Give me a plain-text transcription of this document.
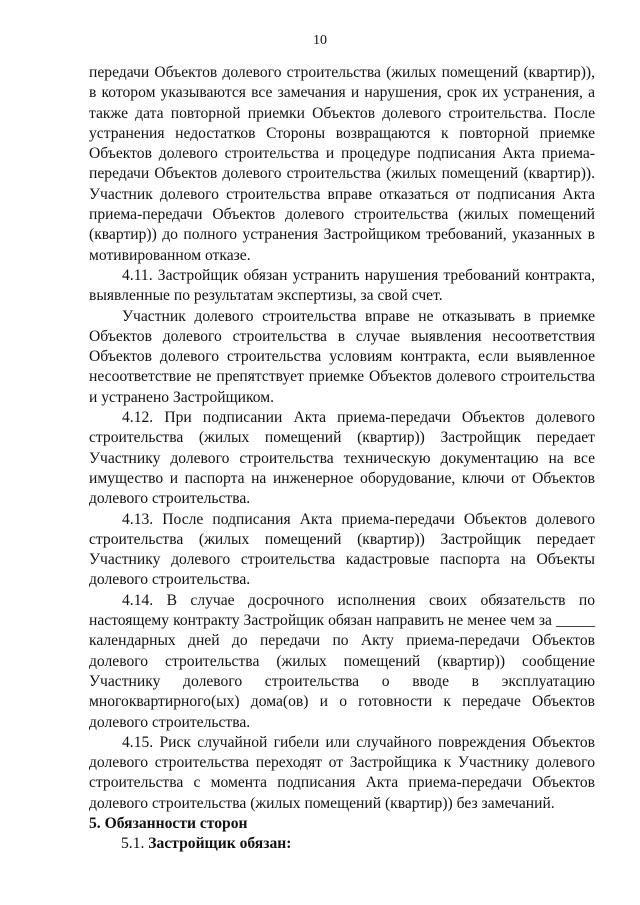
10

передачи Объектов долевого строительства (жилых помещений (квартир)), в котором указываются все замечания и нарушения, срок их устранения, а также дата повторной приемки Объектов долевого строительства. После устранения недостатков Стороны возвращаются к повторной приемке Объектов долевого строительства и процедуре подписания Акта приема-передачи Объектов долевого строительства (жилых помещений (квартир)). Участник долевого строительства вправе отказаться от подписания Акта приема-передачи Объектов долевого строительства (жилых помещений (квартир)) до полного устранения Застройщиком требований, указанных в мотивированном отказе.

4.11. Застройщик обязан устранить нарушения требований контракта, выявленные по результатам экспертизы, за свой счет.

Участник долевого строительства вправе не отказывать в приемке Объектов долевого строительства в случае выявления несоответствия Объектов долевого строительства условиям контракта, если выявленное несоответствие не препятствует приемке Объектов долевого строительства и устранено Застройщиком.

4.12. При подписании Акта приема-передачи Объектов долевого строительства (жилых помещений (квартир)) Застройщик передает Участнику долевого строительства техническую документацию на все имущество и паспорта на инженерное оборудование, ключи от Объектов долевого строительства.

4.13. После подписания Акта приема-передачи Объектов долевого строительства (жилых помещений (квартир)) Застройщик передает Участнику долевого строительства кадастровые паспорта на Объекты долевого строительства.

4.14. В случае досрочного исполнения своих обязательств по настоящему контракту Застройщик обязан направить не менее чем за _____ календарных дней до передачи по Акту приема-передачи Объектов долевого строительства (жилых помещений (квартир)) сообщение Участнику долевого строительства о вводе в эксплуатацию многоквартирного(ых) дома(ов) и о готовности к передаче Объектов долевого строительства.

4.15. Риск случайной гибели или случайного повреждения Объектов долевого строительства переходят от Застройщика к Участнику долевого строительства с момента подписания Акта приема-передачи Объектов долевого строительства (жилых помещений (квартир)) без замечаний.

5. Обязанности сторон

5.1. Застройщик обязан:
